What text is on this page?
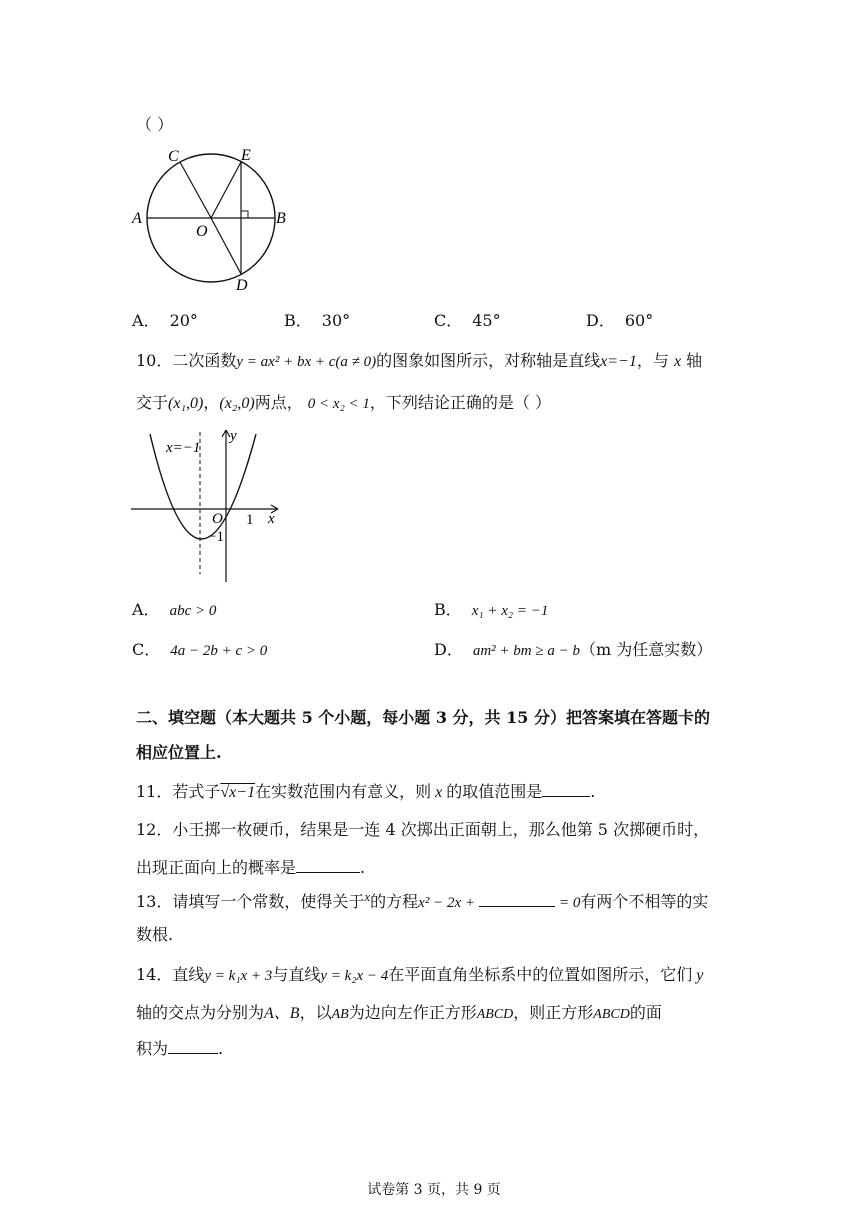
（ ）
C	E
A
O
B
D
A． 20°	B． 30°	C． 45°	D． 60°
10．二次函数y = ax² + bx + c(a ≠ 0)的图象如图所示，对称轴是直线x=−1，与 x 轴
交于(x₁,0)，(x₂,0)两点， 0 < x₂ < 1，下列结论正确的是（ ）
x=−1
y
x
O 1
−1
A． abc > 0	B． x₁ + x₂ = −1
C． 4a − 2b + c > 0	D． am² + bm ≥ a − b（m 为任意实数）
二、填空题（本大题共 5 个小题，每小题 3 分，共 15 分）把答案填在答题卡的
相应位置上.
11．若式子√x−1在实数范围内有意义，则 x 的取值范围是	.
12．小王掷一枚硬币，结果是一连 4 次掷出正面朝上，那么他第 5 次掷硬币时，
出现正面向上的概率是	.
13．请填写一个常数，使得关于$^x$的方程x² − 2x +	= 0有两个不相等的实
数根.
14．直线y = k₁x + 3与直线y = k₂x − 4在平面直角坐标系中的位置如图所示，它们 y
轴的交点为分别为A、B，以AB为边向左作正方形ABCD，则正方形ABCD的面
积为	.
试卷第 3 页，共 9 页
